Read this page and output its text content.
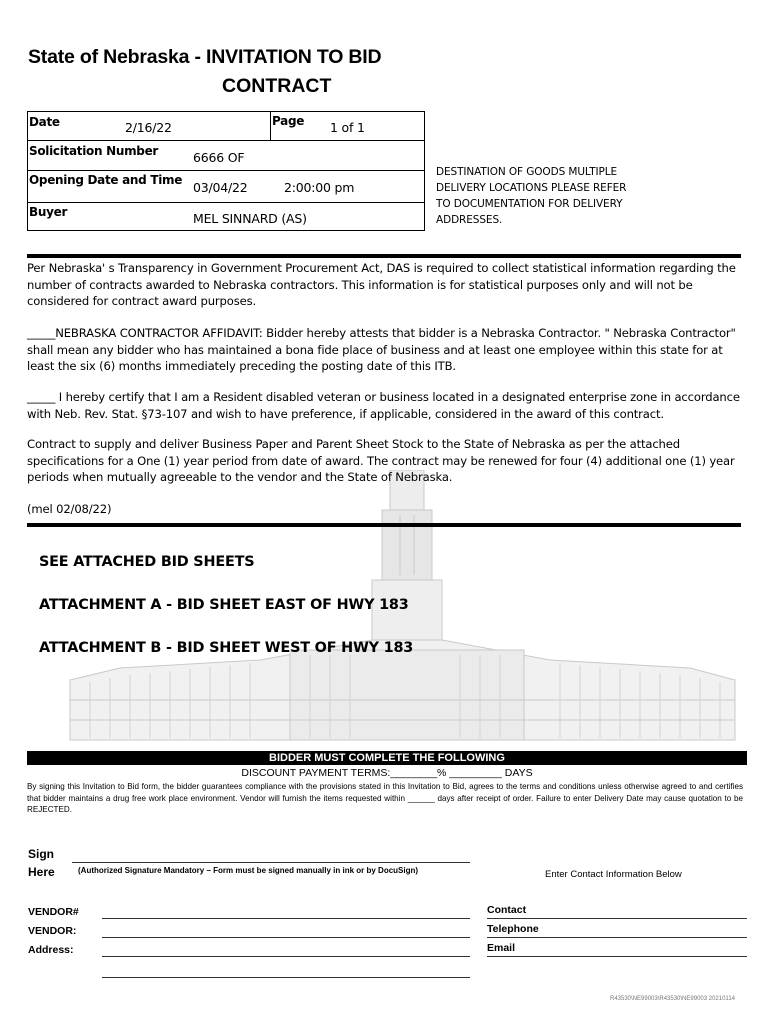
State of Nebraska - INVITATION TO BID
CONTRACT
Date	2/16/22	Page 1 of 1
Solicitation Number	6666 OF
Opening Date and Time 03/04/22	2:00:00 pm
Buyer	MEL SINNARD (AS)
DESTINATION OF GOODS MULTIPLE DELIVERY LOCATIONS PLEASE REFER TO DOCUMENTATION FOR DELIVERY ADDRESSES.
Per Nebraska' s Transparency in Government Procurement Act, DAS is required to collect statistical information regarding the number of contracts awarded to Nebraska contractors. This information is for statistical purposes only and will not be considered for contract award purposes.
_____NEBRASKA CONTRACTOR AFFIDAVIT: Bidder hereby attests that bidder is a Nebraska Contractor. " Nebraska Contractor" shall mean any bidder who has maintained a bona fide place of business and at least one employee within this state for at least the six (6) months immediately preceding the posting date of this ITB.
_____ I hereby certify that I am a Resident disabled veteran or business located in a designated enterprise zone in accordance with Neb. Rev. Stat. §73-107 and wish to have preference, if applicable, considered in the award of this contract.
Contract to supply and deliver Business Paper and Parent Sheet Stock to the State of Nebraska as per the attached specifications for a One (1) year period from date of award. The contract may be renewed for four (4) additional one (1) year periods when mutually agreeable to the vendor and the State of Nebraska.
(mel 02/08/22)
SEE ATTACHED BID SHEETS
ATTACHMENT A - BID SHEET EAST OF HWY 183
ATTACHMENT B - BID SHEET WEST OF HWY 183
BIDDER MUST COMPLETE THE FOLLOWING
DISCOUNT PAYMENT TERMS:________% _________ DAYS
By signing this Invitation to Bid form, the bidder guarantees compliance with the provisions stated in this Invitation to Bid, agrees to the terms and conditions unless otherwise agreed to and certifies that bidder maintains a drug free work place environment. Vendor will furnish the items requested within ______ days after receipt of order. Failure to enter Delivery Date may cause quotation to be REJECTED.
Sign
Here	(Authorized Signature Mandatory – Form must be signed manually in ink or by DocuSign)	Enter Contact Information Below
VENDOR#
VENDOR:
Address:
Contact
Telephone
Email
R43530\NE99003\R43530\NE99003 20210114
